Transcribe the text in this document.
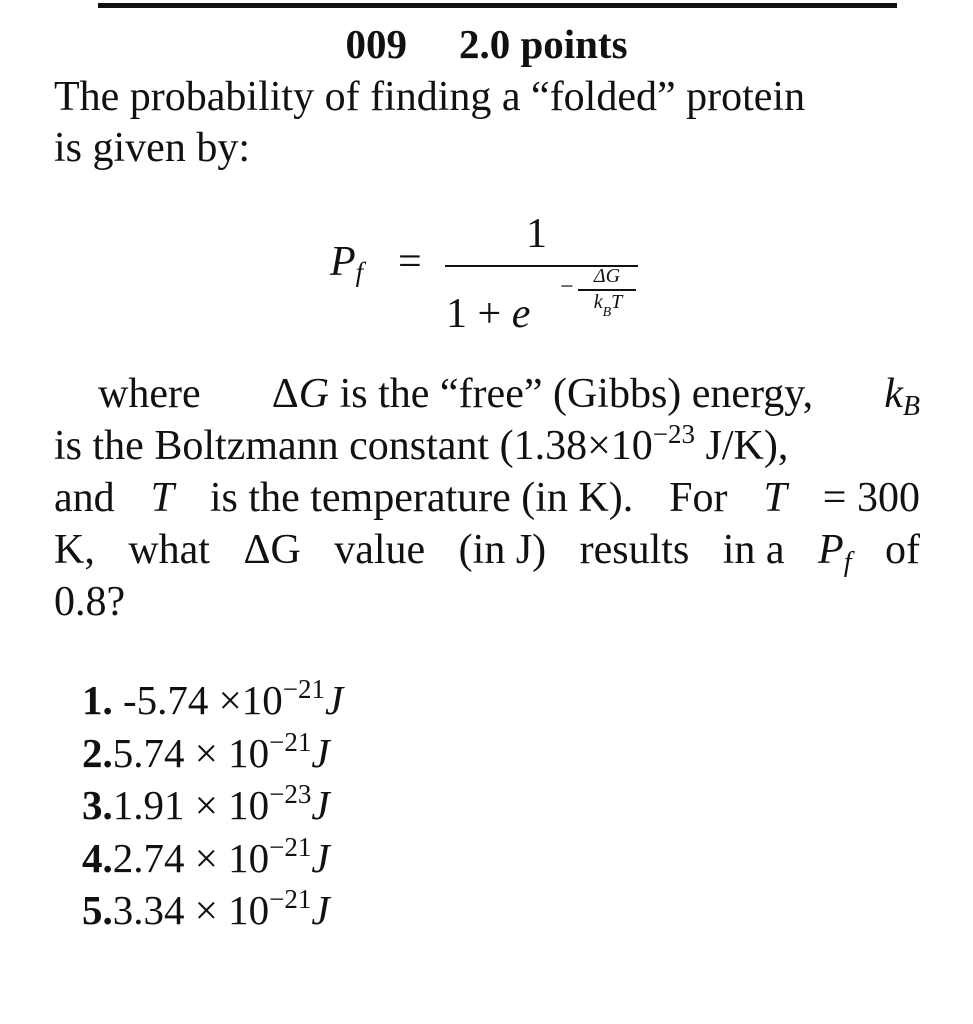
009 2.0 points
The probability of finding a “folded” protein
is given by:
$P_f$ =
1
1 + e
−	ΔG
$k_BT$
where ΔG is the “free” (Gibbs) energy, $k_B$
is the Boltzmann constant ($1.38\times 10^{-23}$ J/K),
and T is the temperature (in K). For T = 300
K, what ΔG value (in J) results in a $P_f$ of
0.8?
1. $-5.74 \times 10^{-21}J$
$2.5.74 \times 10^{-21}J$
$3.1.91 \times 10^{-23}J$
$4.2.74 \times 10^{-21}J$
$5.3.34 \times 10^{-21}J$
